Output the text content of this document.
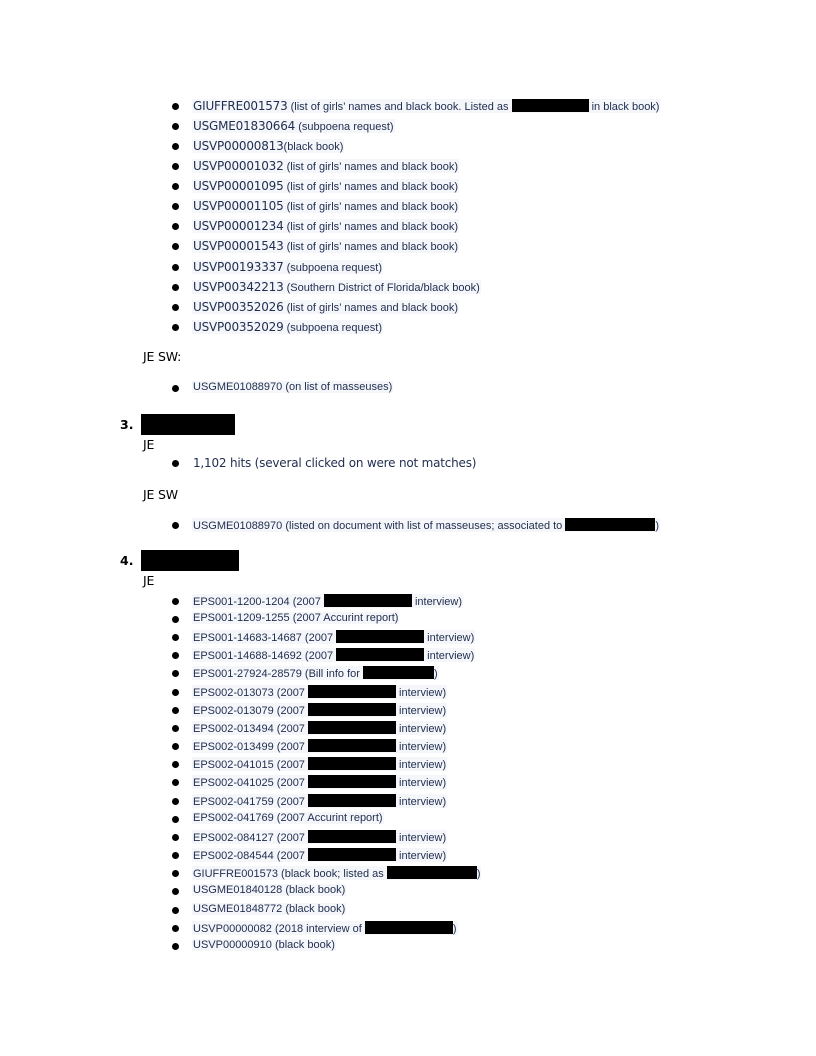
GIUFFRE001573 (list of girls’ names and black book. Listed as	in black book)
USGME01830664 (subpoena request)
USVP00000813(black book)
USVP00001032 (list of girls’ names and black book)
USVP00001095 (list of girls’ names and black book)
USVP00001105 (list of girls’ names and black book)
USVP00001234 (list of girls’ names and black book)
USVP00001543 (list of girls’ names and black book)
USVP00193337 (subpoena request)
USVP00342213 (Southern District of Florida/black book)
USVP00352026 (list of girls’ names and black book)
USVP00352029 (subpoena request)
JE SW:
USGME01088970 (on list of masseuses)
3.
JE
1,102 hits (several clicked on were not matches)
JE SW
USGME01088970 (listed on document with list of masseuses; associated to	)
4.
JE
EPS001-1200-1204 (2007	interview)
EPS001-1209-1255 (2007 Accurint report)
EPS001-14683-14687 (2007	interview)
EPS001-14688-14692 (2007	interview)
EPS001-27924-28579 (Bill info for	)
EPS002-013073 (2007	interview)
EPS002-013079 (2007	interview)
EPS002-013494 (2007	interview)
EPS002-013499 (2007	interview)
EPS002-041015 (2007	interview)
EPS002-041025 (2007	interview)
EPS002-041759 (2007	interview)
EPS002-041769 (2007 Accurint report)
EPS002-084127 (2007	interview)
EPS002-084544 (2007	interview)
GIUFFRE001573 (black book; listed as	)
USGME01840128 (black book)
USGME01848772 (black book)
USVP00000082 (2018 interview of	)
USVP00000910 (black book)
